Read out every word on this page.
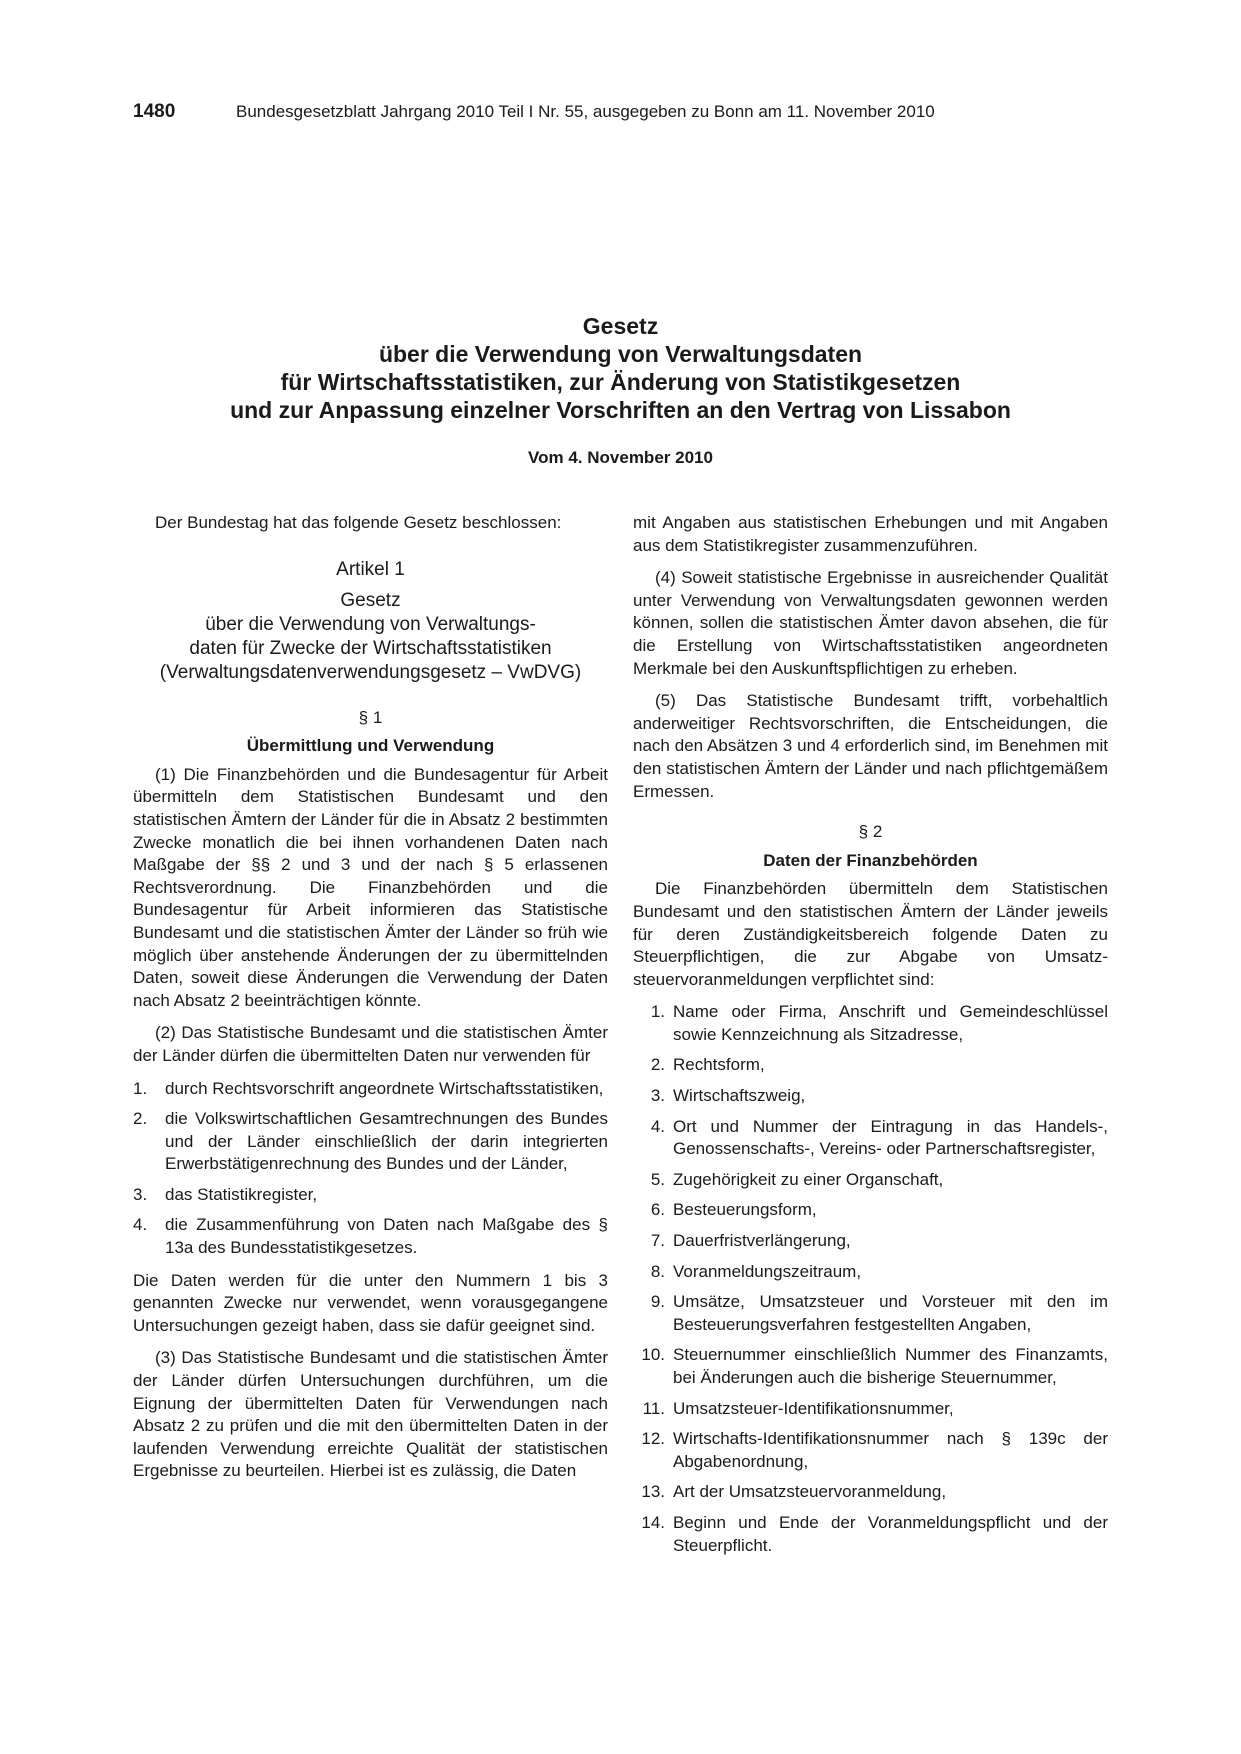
1480	Bundesgesetzblatt Jahrgang 2010 Teil I Nr. 55, ausgegeben zu Bonn am 11. November 2010
Gesetz
über die Verwendung von Verwaltungsdaten
für Wirtschaftsstatistiken, zur Änderung von Statistikgesetzen
und zur Anpassung einzelner Vorschriften an den Vertrag von Lissabon
Vom 4. November 2010

Der Bundestag hat das folgende Gesetz beschlossen:

Artikel 1
Gesetz
über die Verwendung von Verwaltungs-
daten für Zwecke der Wirtschaftsstatistiken
(Verwaltungsdatenverwendungsgesetz – VwDVG)
§ 1
Übermittlung und Verwendung

(1) Die Finanzbehörden und die Bundesagentur für Arbeit übermitteln dem Statistischen Bundesamt und den statistischen Ämtern der Länder für die in Absatz 2 bestimmten Zwecke monatlich die bei ihnen vorhandenen Daten nach Maßgabe der §§ 2 und 3 und der nach § 5 erlassenen Rechtsverordnung. Die Finanzbehörden und die Bundesagentur für Arbeit informieren das Statistische Bundesamt und die statistischen Ämter der Länder so früh wie möglich über anstehende Änderungen der zu übermittelnden Daten, soweit diese Änderungen die Verwendung der Daten nach Absatz 2 beeinträchtigen könnte.

(2) Das Statistische Bundesamt und die statistischen Ämter der Länder dürfen die übermittelten Daten nur verwenden für

1.	durch Rechtsvorschrift angeordnete Wirtschaftsstatistiken,
2.	die Volkswirtschaftlichen Gesamtrechnungen des Bundes und der Länder einschließlich der darin integrierten Erwerbstätigenrechnung des Bundes und der Länder,
3.	das Statistikregister,
4.	die Zusammenführung von Daten nach Maßgabe des § 13a des Bundesstatistikgesetzes.

Die Daten werden für die unter den Nummern 1 bis 3 genannten Zwecke nur verwendet, wenn vorausgegangene Untersuchungen gezeigt haben, dass sie dafür geeignet sind.

(3) Das Statistische Bundesamt und die statistischen Ämter der Länder dürfen Untersuchungen durchführen, um die Eignung der übermittelten Daten für Verwendungen nach Absatz 2 zu prüfen und die mit den übermittelten Daten in der laufenden Verwendung erreichte Qualität der statistischen Ergebnisse zu beurteilen. Hierbei ist es zulässig, die Daten

mit Angaben aus statistischen Erhebungen und mit Angaben aus dem Statistikregister zusammenzuführen.

(4) Soweit statistische Ergebnisse in ausreichender Qualität unter Verwendung von Verwaltungsdaten gewonnen werden können, sollen die statistischen Ämter davon absehen, die für die Erstellung von Wirtschaftsstatistiken angeordneten Merkmale bei den Auskunftspflichtigen zu erheben.

(5) Das Statistische Bundesamt trifft, vorbehaltlich anderweitiger Rechtsvorschriften, die Entscheidungen, die nach den Absätzen 3 und 4 erforderlich sind, im Benehmen mit den statistischen Ämtern der Länder und nach pflichtgemäßem Ermessen.

§ 2
Daten der Finanzbehörden

Die Finanzbehörden übermitteln dem Statistischen Bundesamt und den statistischen Ämtern der Länder jeweils für deren Zuständigkeitsbereich folgende Daten zu Steuerpflichtigen, die zur Abgabe von Umsatzsteuervoranmeldungen verpflichtet sind:

1. Name oder Firma, Anschrift und Gemeindeschlüssel sowie Kennzeichnung als Sitzadresse,
2. Rechtsform,
3. Wirtschaftszweig,
4. Ort und Nummer der Eintragung in das Handels-, Genossenschafts-, Vereins- oder Partnerschaftsregister,
5. Zugehörigkeit zu einer Organschaft,
6. Besteuerungsform,
7. Dauerfristverlängerung,
8. Voranmeldungszeitraum,
9. Umsätze, Umsatzsteuer und Vorsteuer mit den im Besteuerungsverfahren festgestellten Angaben,
10. Steuernummer einschließlich Nummer des Finanzamts, bei Änderungen auch die bisherige Steuernummer,
11. Umsatzsteuer-Identifikationsnummer,
12. Wirtschafts-Identifikationsnummer nach § 139c der Abgabenordnung,
13. Art der Umsatzsteuervoranmeldung,
14. Beginn und Ende der Voranmeldungspflicht und der Steuerpflicht.
